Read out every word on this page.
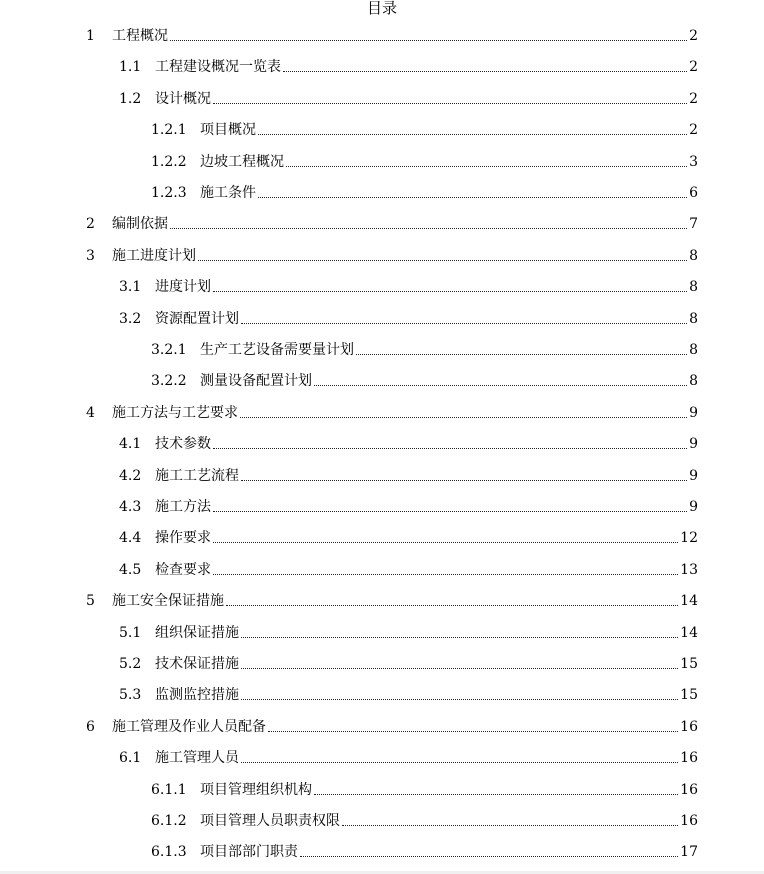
目录
1	工程概况	2
1.1 工程建设概况一览表	2
1.2 设计概况	2
1.2.1 项目概况	2
1.2.2 边坡工程概况	3
1.2.3 施工条件	6
2	编制依据	7
3	施工进度计划	8
3.1 进度计划	8
3.2 资源配置计划	8
3.2.1 生产工艺设备需要量计划	8
3.2.2 测量设备配置计划	8
4	施工方法与工艺要求	9
4.1 技术参数	9
4.2 施工工艺流程	9
4.3 施工方法	9
4.4 操作要求	12
4.5 检查要求	13
5	施工安全保证措施	14
5.1 组织保证措施	14
5.2 技术保证措施	15
5.3 监测监控措施	15
6	施工管理及作业人员配备	16
6.1 施工管理人员	16
6.1.1 项目管理组织机构	16
6.1.2 项目管理人员职责权限	16
6.1.3 项目部部门职责	17
